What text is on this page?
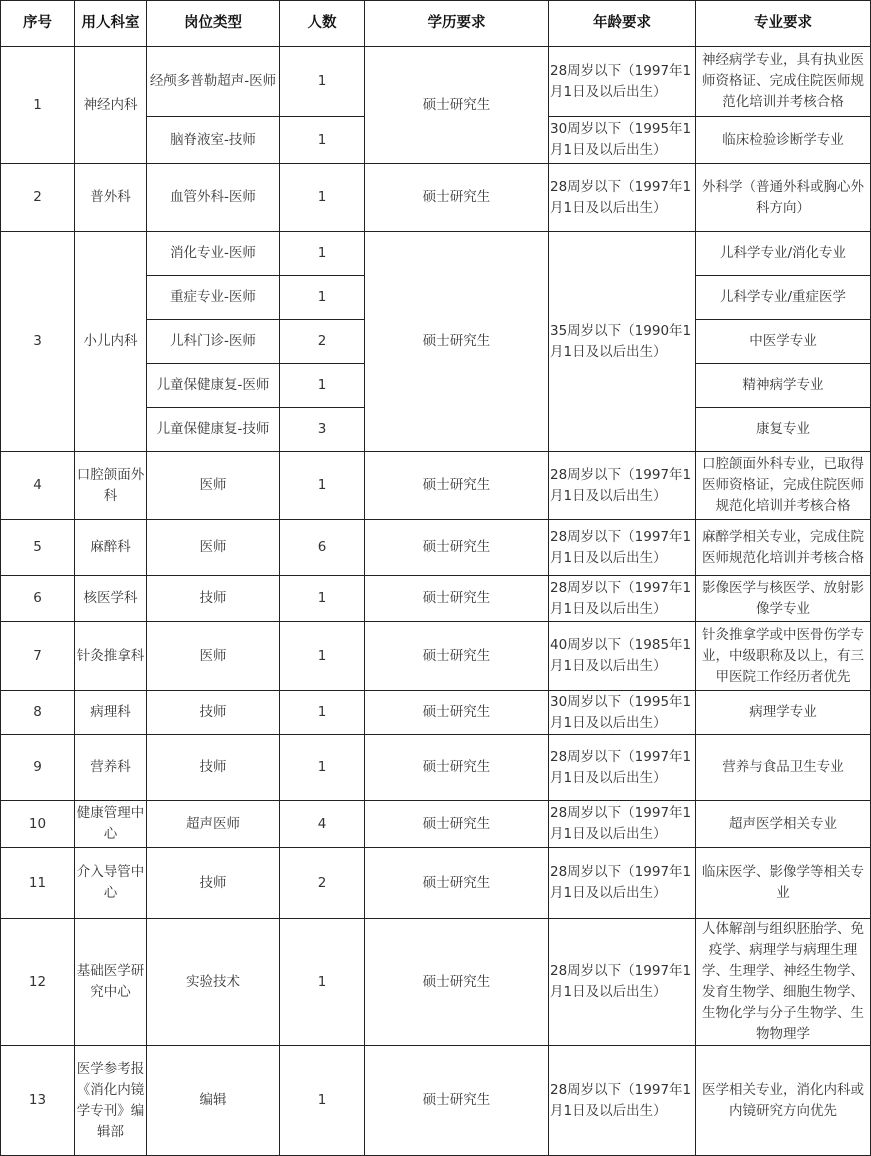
序号	用人科室	岗位类型	人数	学历要求	年龄要求	专业要求
1	神经内科	经颅多普勒超声-医师	1	硕士研究生	28周岁以下（1997年1月1日及以后出生）	神经病学专业，具有执业医师资格证、完成住院医师规范化培训并考核合格
		脑脊液室-技师	1		30周岁以下（1995年1月1日及以后出生）	临床检验诊断学专业
2	普外科	血管外科-医师	1	硕士研究生	28周岁以下（1997年1月1日及以后出生）	外科学（普通外科或胸心外科方向）
3	小儿内科	消化专业-医师	1	硕士研究生	35周岁以下（1990年1月1日及以后出生）	儿科学专业/消化专业
		重症专业-医师	1			儿科学专业/重症医学
		儿科门诊-医师	2			中医学专业
		儿童保健康复-医师	1			精神病学专业
		儿童保健康复-技师	3			康复专业
4	口腔颌面外科	医师	1	硕士研究生	28周岁以下（1997年1月1日及以后出生）	口腔颌面外科专业，已取得医师资格证，完成住院医师规范化培训并考核合格
5	麻醉科	医师	6	硕士研究生	28周岁以下（1997年1月1日及以后出生）	麻醉学相关专业，完成住院医师规范化培训并考核合格
6	核医学科	技师	1	硕士研究生	28周岁以下（1997年1月1日及以后出生）	影像医学与核医学、放射影像学专业
7	针灸推拿科	医师	1	硕士研究生	40周岁以下（1985年1月1日及以后出生）	针灸推拿学或中医骨伤学专业，中级职称及以上，有三甲医院工作经历者优先
8	病理科	技师	1	硕士研究生	30周岁以下（1995年1月1日及以后出生）	病理学专业
9	营养科	技师	1	硕士研究生	28周岁以下（1997年1月1日及以后出生）	营养与食品卫生专业
10	健康管理中心	超声医师	4	硕士研究生	28周岁以下（1997年1月1日及以后出生）	超声医学相关专业
11	介入导管中心	技师	2	硕士研究生	28周岁以下（1997年1月1日及以后出生）	临床医学、影像学等相关专业
12	基础医学研究中心	实验技术	1	硕士研究生	28周岁以下（1997年1月1日及以后出生）	人体解剖与组织胚胎学、免疫学、病理学与病理生理学、生理学、神经生物学、发育生物学、细胞生物学、生物化学与分子生物学、生物物理学
13	医学参考报《消化内镜学专刊》编辑部	编辑	1	硕士研究生	28周岁以下（1997年1月1日及以后出生）	医学相关专业，消化内科或内镜研究方向优先
